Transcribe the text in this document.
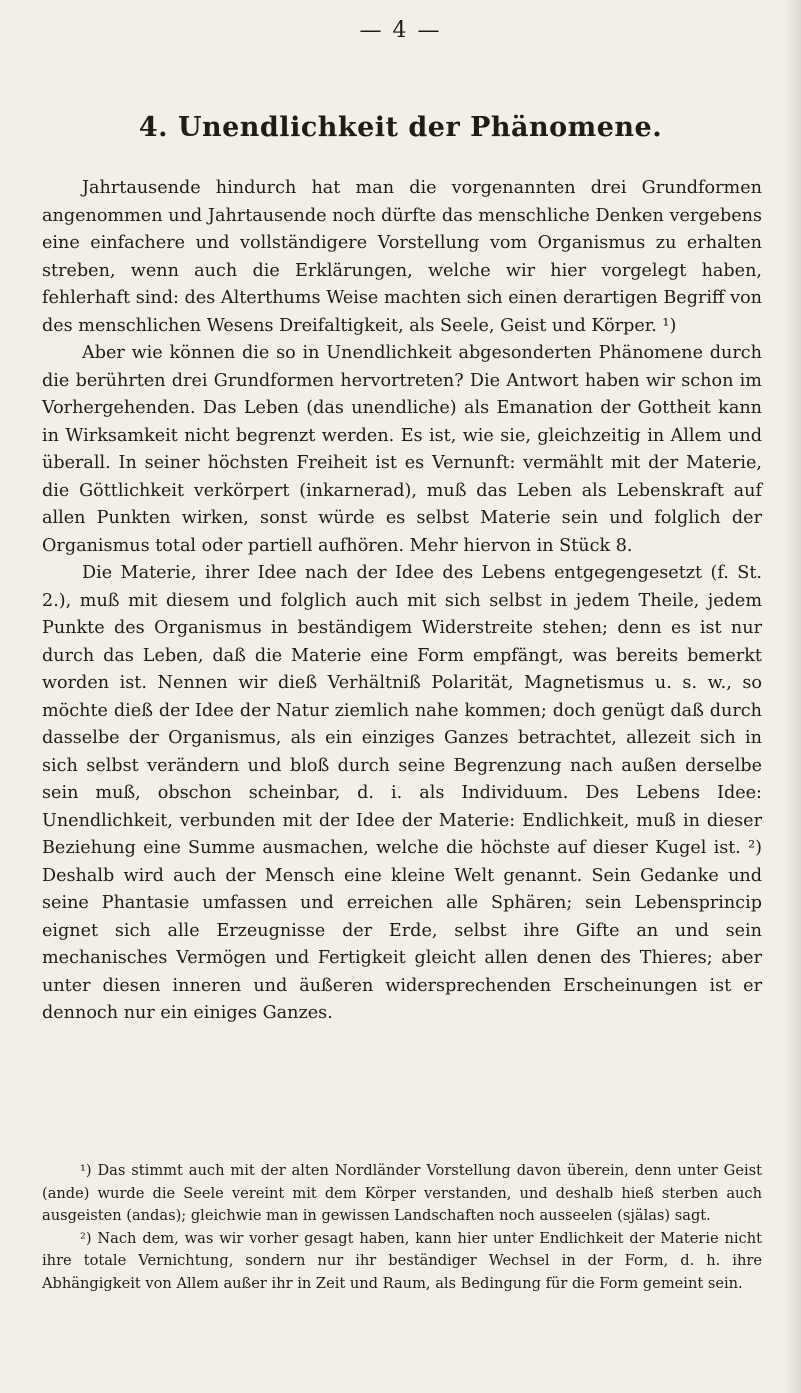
— 4 —
4. Unendlichkeit der Phänomene.

Jahrtausende hindurch hat man die vorgenannten drei Grundformen angenommen und Jahrtausende noch dürfte das menschliche Denken vergebens eine einfachere und vollständigere Vorstellung vom Organismus zu erhalten streben, wenn auch die Erklärungen, welche wir hier vorgelegt haben, fehlerhaft sind: des Alterthums Weise machten sich einen derartigen Begriff von des menschlichen Wesens Dreifaltigkeit, als Seele, Geist und Körper. ¹)

Aber wie können die so in Unendlichkeit abgesonderten Phänomene durch die berührten drei Grundformen hervortreten? Die Antwort haben wir schon im Vorhergehenden. Das Leben (das unendliche) als Emanation der Gottheit kann in Wirksamkeit nicht begrenzt werden. Es ist, wie sie, gleichzeitig in Allem und überall. In seiner höchsten Freiheit ist es Vernunft: vermählt mit der Materie, die Göttlichkeit verkörpert (inkarnerad), muß das Leben als Lebenskraft auf allen Punkten wirken, sonst würde es selbst Materie sein und folglich der Organismus total oder partiell aufhören. Mehr hiervon in Stück 8.

Die Materie, ihrer Idee nach der Idee des Lebens entgegengesetzt (f. St. 2.), muß mit diesem und folglich auch mit sich selbst in jedem Theile, jedem Punkte des Organismus in beständigem Widerstreite stehen; denn es ist nur durch das Leben, daß die Materie eine Form empfängt, was bereits bemerkt worden ist. Nennen wir dieß Verhältniß Polarität, Magnetismus u. s. w., so möchte dieß der Idee der Natur ziemlich nahe kommen; doch genügt daß durch dasselbe der Organismus, als ein einziges Ganzes betrachtet, allezeit sich in sich selbst verändern und bloß durch seine Begrenzung nach außen derselbe sein muß, obschon scheinbar, d. i. als Individuum. Des Lebens Idee: Unendlichkeit, verbunden mit der Idee der Materie: Endlichkeit, muß in dieser Beziehung eine Summe ausmachen, welche die höchste auf dieser Kugel ist. ²) Deshalb wird auch der Mensch eine kleine Welt genannt. Sein Gedanke und seine Phantasie umfassen und erreichen alle Sphären; sein Lebensprincip eignet sich alle Erzeugnisse der Erde, selbst ihre Gifte an und sein mechanisches Vermögen und Fertigkeit gleicht allen denen des Thieres; aber unter diesen inneren und äußeren widersprechenden Erscheinungen ist er dennoch nur ein einiges Ganzes.

¹) Das stimmt auch mit der alten Nordländer Vorstellung davon überein, denn unter Geist (ande) wurde die Seele vereint mit dem Körper verstanden, und deshalb hieß sterben auch ausgeisten (andas); gleichwie man in gewissen Landschaften noch ausseelen (själas) sagt.

²) Nach dem, was wir vorher gesagt haben, kann hier unter Endlichkeit der Materie nicht ihre totale Vernichtung, sondern nur ihr beständiger Wechsel in der Form, d. h. ihre Abhängigkeit von Allem außer ihr in Zeit und Raum, als Bedingung für die Form gemeint sein.
